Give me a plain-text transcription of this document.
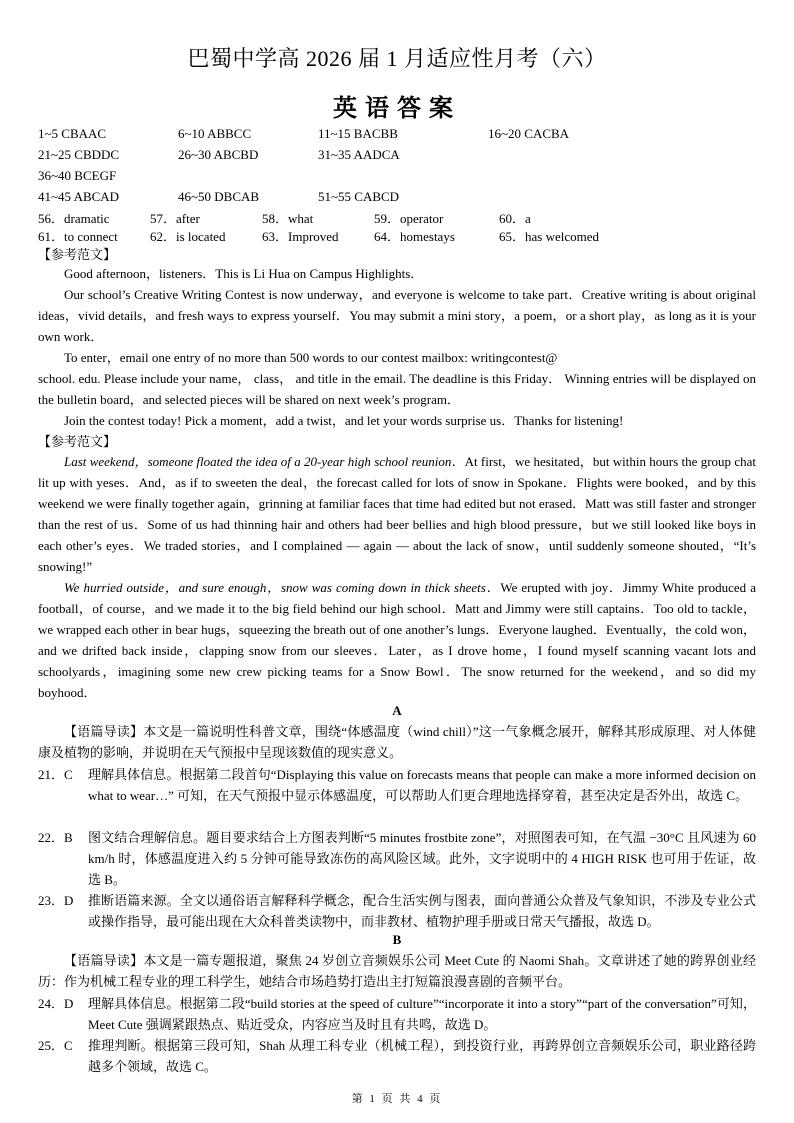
巴蜀中学高 2026 届 1 月适应性月考（六）
英语答案
1~5 CBAAC	6~10 ABBCC	11~15 BACBB	16~20 CACBA
21~25 CBDDC	26~30 ABCBD	31~35 AADCA
36~40 BCEGF
41~45 ABCAD	46~50 DBCAB	51~55 CABCD
56．dramatic	57．after	58．what	59．operator	60．a
61．to connect 62．is located	63．Improved	64．homestays	65．has welcomed
【参考范文】

Good afternoon，listeners．This is Li Hua on Campus Highlights．

Our school’s Creative Writing Contest is now underway，and everyone is welcome to take part．Creative writing is about original ideas，vivid details，and fresh ways to express yourself．You may submit a mini story，a poem，or a short play，as long as it is your own work．

To enter，email one entry of no more than 500 words to our contest mailbox: writingcontest@

school. edu. Please include your name， class， and title in the email. The deadline is this Friday． Winning entries will be displayed on the bulletin board，and selected pieces will be shared on next week’s program．

Join the contest today! Pick a moment，add a twist，and let your words surprise us．Thanks for listening!

【参考范文】

Last weekend，someone floated the idea of a 20-year high school reunion．At first，we hesitated，but within hours the group chat lit up with yeses．And，as if to sweeten the deal，the forecast called for lots of snow in Spokane．Flights were booked，and by this weekend we were finally together again，grinning at familiar faces that time had edited but not erased．Matt was still faster and stronger than the rest of us．Some of us had thinning hair and others had beer bellies and high blood pressure，but we still looked like boys in each other’s eyes．We traded stories，and I complained — again — about the lack of snow，until suddenly someone shouted，“It’s snowing!”

We hurried outside，and sure enough，snow was coming down in thick sheets．We erupted with joy．Jimmy White produced a football，of course，and we made it to the big field behind our high school．Matt and Jimmy were still captains．Too old to tackle，we wrapped each other in bear hugs，squeezing the breath out of one another’s lungs．Everyone laughed．Eventually，the cold won，and we drifted back inside，clapping snow from our sleeves．Later，as I drove home，I found myself scanning vacant lots and schoolyards，imagining some new crew picking teams for a Snow Bowl．The snow returned for the weekend，and so did my boyhood．

A
【语篇导读】本文是一篇说明性科普文章，围绕“体感温度（wind chill）”这一气象概念展开，解释其形成原理、对人体健康及植物的影响，并说明在天气预报中呈现该数值的现实意义。
21．C 理解具体信息。根据第二段首句“Displaying this value on forecasts means that people can make a more informed decision on what to wear…” 可知，在天气预报中显示体感温度，可以帮助人们更合理地选择穿着，甚至决定是否外出，故选 C。
22．B 图文结合理解信息。题目要求结合上方图表判断“5 minutes frostbite zone”，对照图表可知，在气温 −30°C 且风速为 60 km/h 时，体感温度进入约 5 分钟可能导致冻伤的高风险区域。此外，文字说明中的 4 HIGH RISK 也可用于佐证，故选 B。
23．D 推断语篇来源。全文以通俗语言解释科学概念，配合生活实例与图表，面向普通公众普及气象知识，不涉及专业公式或操作指导，最可能出现在大众科普类读物中，而非教材、植物护理手册或日常天气播报，故选 D。
B
【语篇导读】本文是一篇专题报道，聚焦 24 岁创立音频娱乐公司 Meet Cute 的 Naomi Shah。文章讲述了她的跨界创业经历：作为机械工程专业的理工科学生，她结合市场趋势打造出主打短篇浪漫喜剧的音频平台。
24．D 理解具体信息。根据第二段“build stories at the speed of culture”“incorporate it into a story”“part of the conversation”可知，Meet Cute 强调紧跟热点、贴近受众，内容应当及时且有共鸣，故选 D。
25．C 推理判断。根据第三段可知，Shah 从理工科专业（机械工程），到投资行业，再跨界创立音频娱乐公司，职业路径跨越多个领域，故选 C。
第 1 页 共 4 页
